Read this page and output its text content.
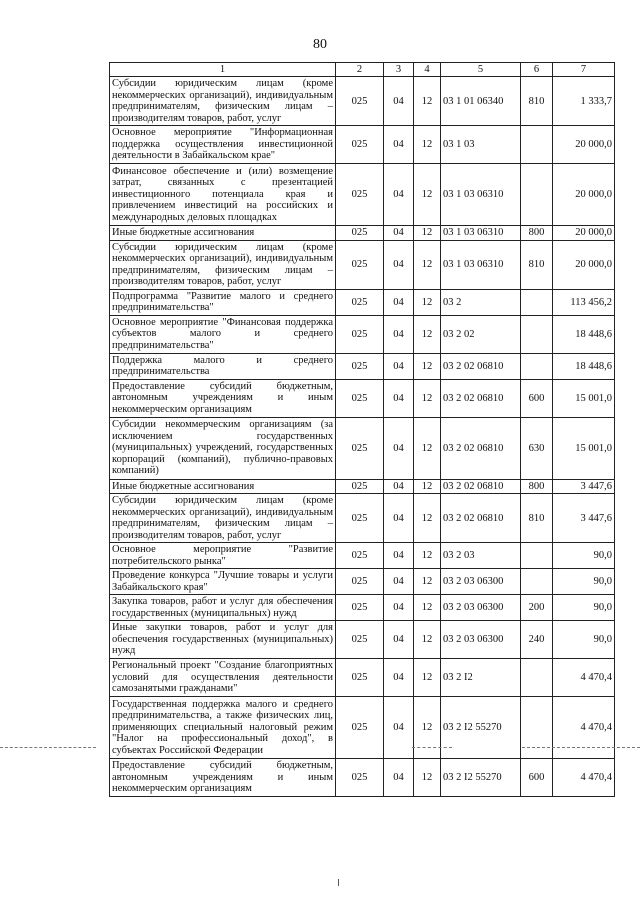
80
1	2	3	4	5	6	7
Субсидии юридическим лицам (кроме некоммерческих организаций), индивидуальным предпринимателям, физическим лицам – производителям товаров, работ, услуг	025	04	12	03 1 01 06340	810	1 333,7
Основное мероприятие "Информационная поддержка осуществления инвестиционной деятельности в Забайкальском крае"	025	04	12	03 1 03		20 000,0
Финансовое обеспечение и (или) возмещение затрат, связанных с презентацией инвестиционного потенциала края и привлечением инвестиций на российских и международных деловых площадках	025	04	12	03 1 03 06310		20 000,0
Иные бюджетные ассигнования	025	04	12	03 1 03 06310	800	20 000,0
Субсидии юридическим лицам (кроме некоммерческих организаций), индивидуальным предпринимателям, физическим лицам – производителям товаров, работ, услуг	025	04	12	03 1 03 06310	810	20 000,0
Подпрограмма "Развитие малого и среднего предпринимательства"	025	04	12	03 2		113 456,2
Основное мероприятие "Финансовая поддержка субъектов малого и среднего предпринимательства"	025	04	12	03 2 02		18 448,6
Поддержка малого и среднего предпринимательства	025	04	12	03 2 02 06810		18 448,6
Предоставление субсидий бюджетным, автономным учреждениям и иным некоммерческим организациям	025	04	12	03 2 02 06810	600	15 001,0
Субсидии некоммерческим организациям (за исключением государственных (муниципальных) учреждений, государственных корпораций (компаний), публично-правовых компаний)	025	04	12	03 2 02 06810	630	15 001,0
Иные бюджетные ассигнования	025	04	12	03 2 02 06810	800	3 447,6
Субсидии юридическим лицам (кроме некоммерческих организаций), индивидуальным предпринимателям, физическим лицам – производителям товаров, работ, услуг	025	04	12	03 2 02 06810	810	3 447,6
Основное мероприятие "Развитие потребительского рынка"	025	04	12	03 2 03		90,0
Проведение конкурса "Лучшие товары и услуги Забайкальского края"	025	04	12	03 2 03 06300		90,0
Закупка товаров, работ и услуг для обеспечения государственных (муниципальных) нужд	025	04	12	03 2 03 06300	200	90,0
Иные закупки товаров, работ и услуг для обеспечения государственных (муниципальных) нужд	025	04	12	03 2 03 06300	240	90,0
Региональный проект "Создание благоприятных условий для осуществления деятельности самозанятыми гражданами"	025	04	12	03 2 I2		4 470,4
Государственная поддержка малого и среднего предпринимательства, а также физических лиц, применяющих специальный налоговый режим "Налог на профессиональный доход", в субъектах Российской Федерации	025	04	12	03 2 I2 55270		4 470,4
Предоставление субсидий бюджетным, автономным учреждениям и иным некоммерческим организациям	025	04	12	03 2 I2 55270	600	4 470,4
